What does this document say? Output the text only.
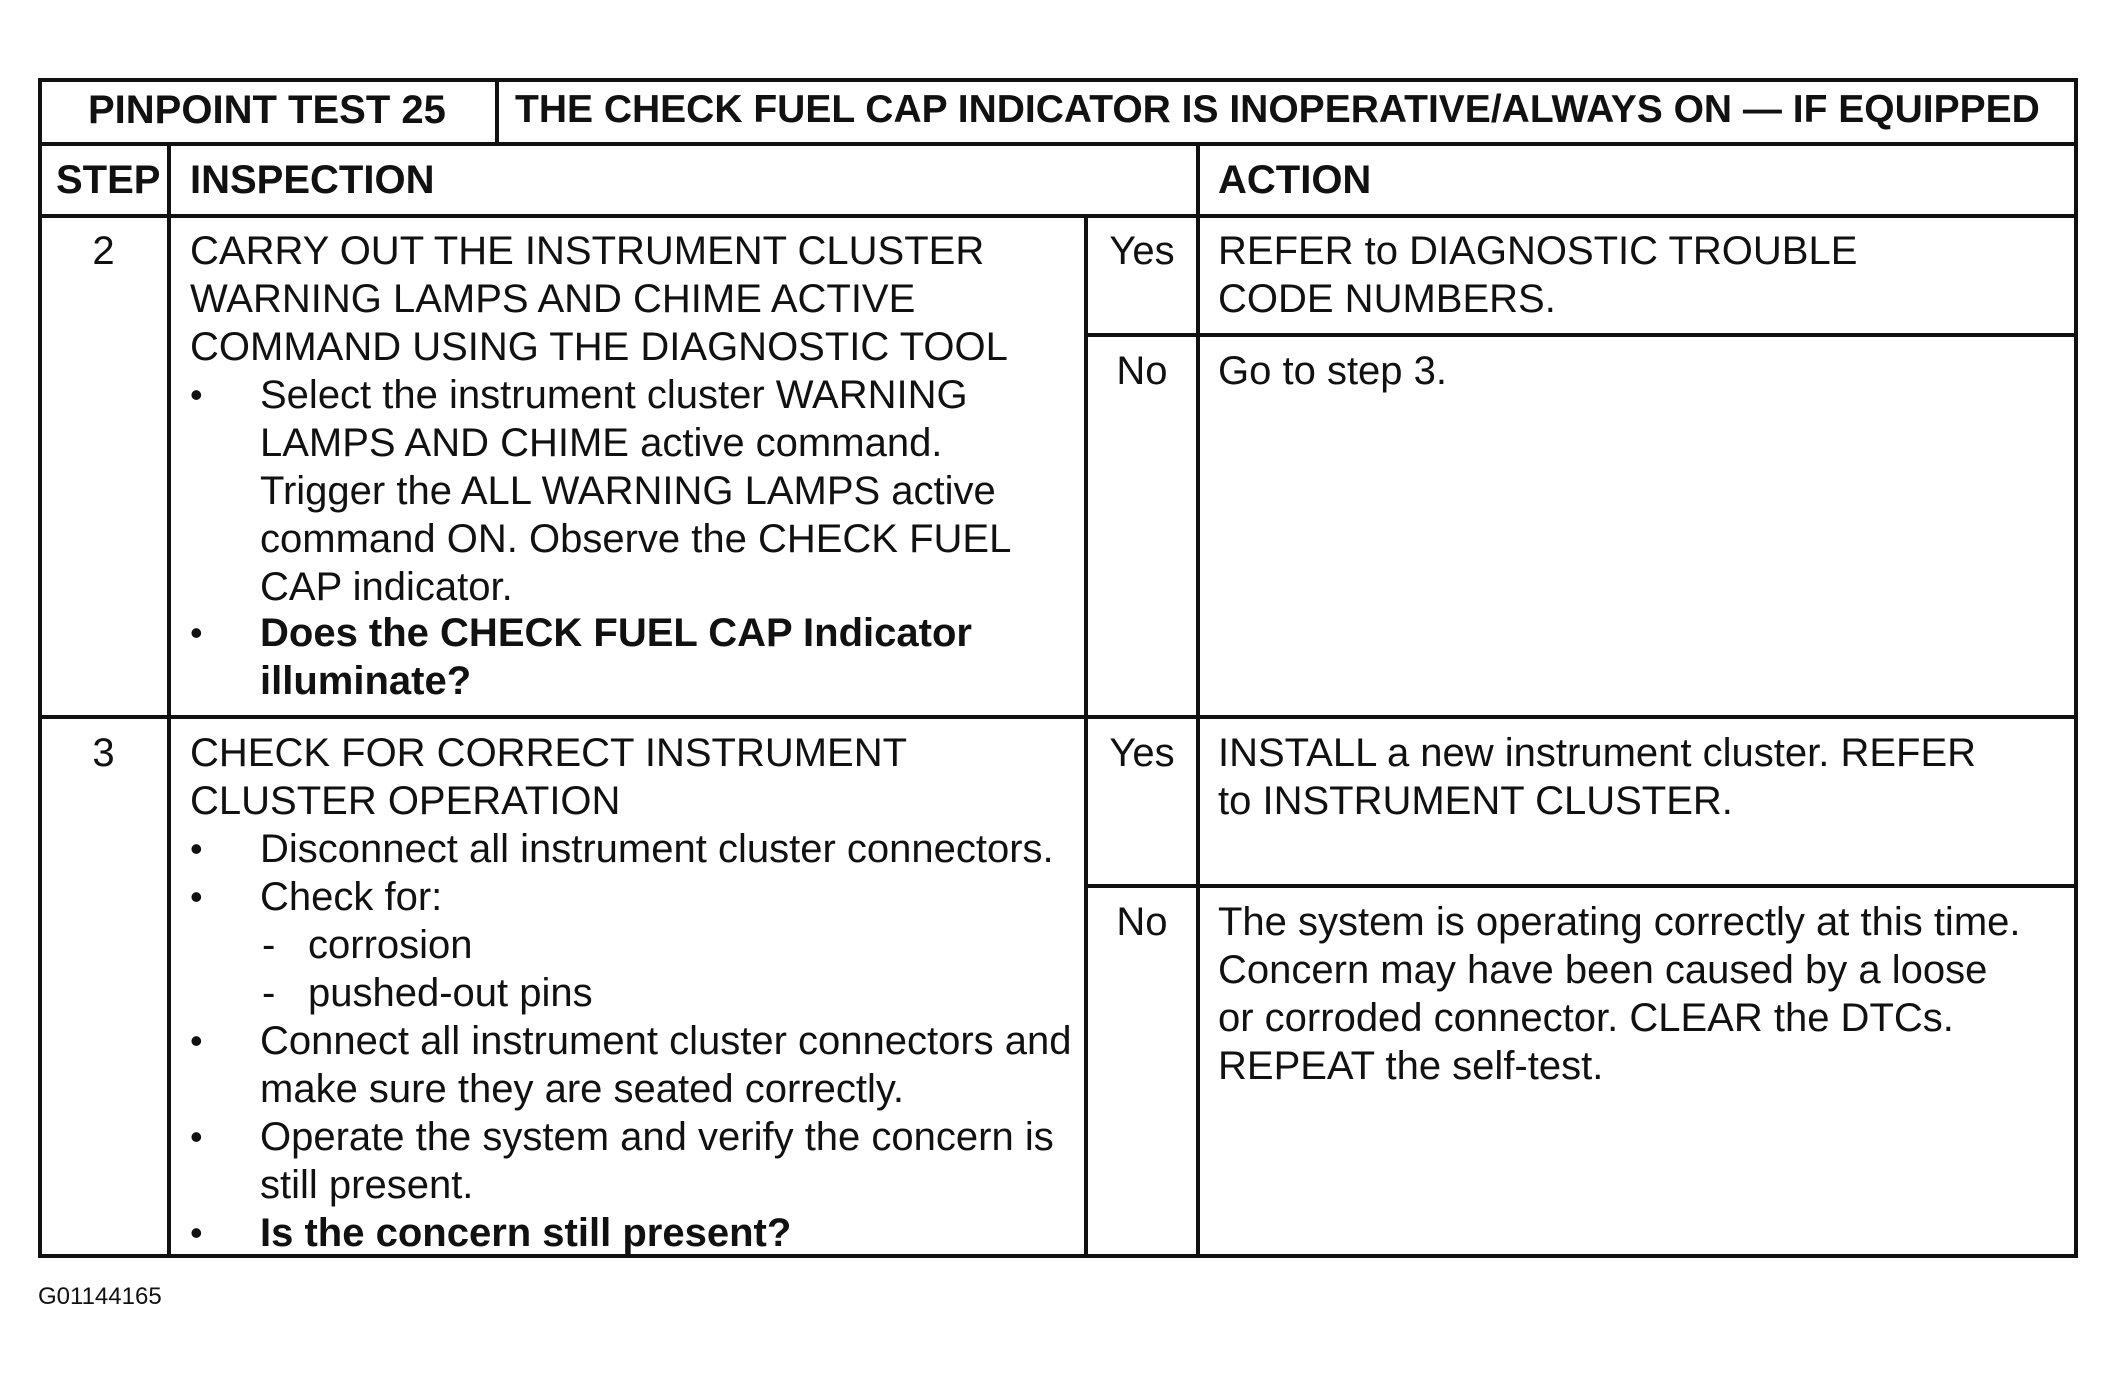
PINPOINT TEST 25 THE CHECK FUEL CAP INDICATOR IS INOPERATIVE/ALWAYS ON — IF EQUIPPED
STEP INSPECTION	ACTION
2	CARRY OUT THE INSTRUMENT CLUSTER
WARNING LAMPS AND CHIME ACTIVE
COMMAND USING THE DIAGNOSTIC TOOL
• Select the instrument cluster WARNING
LAMPS AND CHIME active command.
Trigger the ALL WARNING LAMPS active
command ON. Observe the CHECK FUEL
CAP indicator.
• Does the CHECK FUEL CAP Indicator
illuminate?
Yes	REFER to DIAGNOSTIC TROUBLE
CODE NUMBERS.
No	Go to step 3.
3	CHECK FOR CORRECT INSTRUMENT
CLUSTER OPERATION
• Disconnect all instrument cluster connectors.
• Check for:
- corrosion
- pushed-out pins
• Connect all instrument cluster connectors and
make sure they are seated correctly.
• Operate the system and verify the concern is
still present.
• Is the concern still present?
Yes	INSTALL a new instrument cluster. REFER
to INSTRUMENT CLUSTER.
No	The system is operating correctly at this time.
Concern may have been caused by a loose
or corroded connector. CLEAR the DTCs.
REPEAT the self-test.
G01144165
